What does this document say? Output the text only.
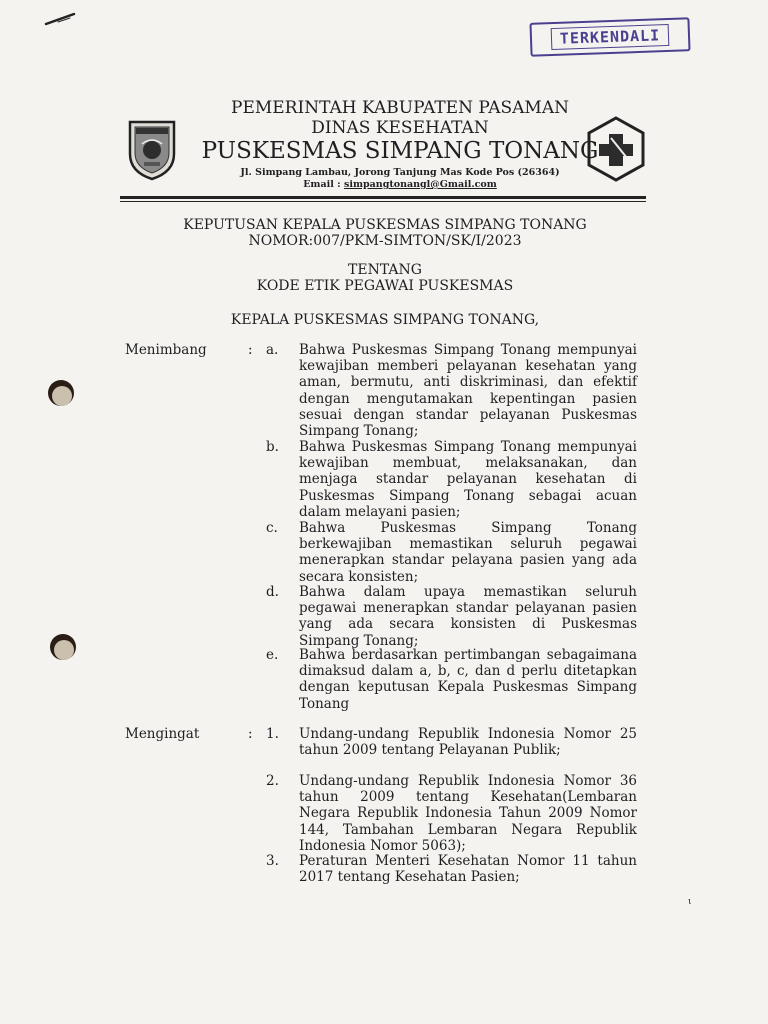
TERKENDALI
PEMERINTAH KABUPATEN PASAMAN
DINAS KESEHATAN
PUSKESMAS SIMPANG TONANG
Jl. Simpang Lambau, Jorong Tanjung Mas Kode Pos (26364)
Email : simpangtonangl@Gmail.com
KEPUTUSAN KEPALA PUSKESMAS SIMPANG TONANG
NOMOR:007/PKM-SIMTON/SK/I/2023
TENTANG
KODE ETIK PEGAWAI PUSKESMAS
KEPALA PUSKESMAS SIMPANG TONANG,
Menimbang	: a. Bahwa Puskesmas Simpang Tonang mempunyai kewajiban memberi pelayanan kesehatan yang aman, bermutu, anti diskriminasi, dan efektif dengan mengutamakan kepentingan pasien sesuai dengan standar pelayanan Puskesmas Simpang Tonang;
b. Bahwa Puskesmas Simpang Tonang mempunyai kewajiban membuat, melaksanakan, dan menjaga standar pelayanan kesehatan di Puskesmas Simpang Tonang sebagai acuan dalam melayani pasien;
c. Bahwa Puskesmas Simpang Tonang berkewajiban memastikan seluruh pegawai menerapkan standar pelayana pasien yang ada secara konsisten;
d. Bahwa dalam upaya memastikan seluruh pegawai menerapkan standar pelayanan pasien yang ada secara konsisten di Puskesmas Simpang Tonang;
e. Bahwa berdasarkan pertimbangan sebagaimana dimaksud dalam a, b, c, dan d perlu ditetapkan dengan keputusan Kepala Puskesmas Simpang Tonang
Mengingat	: 1. Undang-undang Republik Indonesia Nomor 25 tahun 2009 tentang Pelayanan Publik;
2. Undang-undang Republik Indonesia Nomor 36 tahun 2009 tentang Kesehatan(Lembaran Negara Republik Indonesia Tahun 2009 Nomor 144, Tambahan Lembaran Negara Republik Indonesia Nomor 5063);
3. Peraturan Menteri Kesehatan Nomor 11 tahun 2017 tentang Kesehatan Pasien;
ι
